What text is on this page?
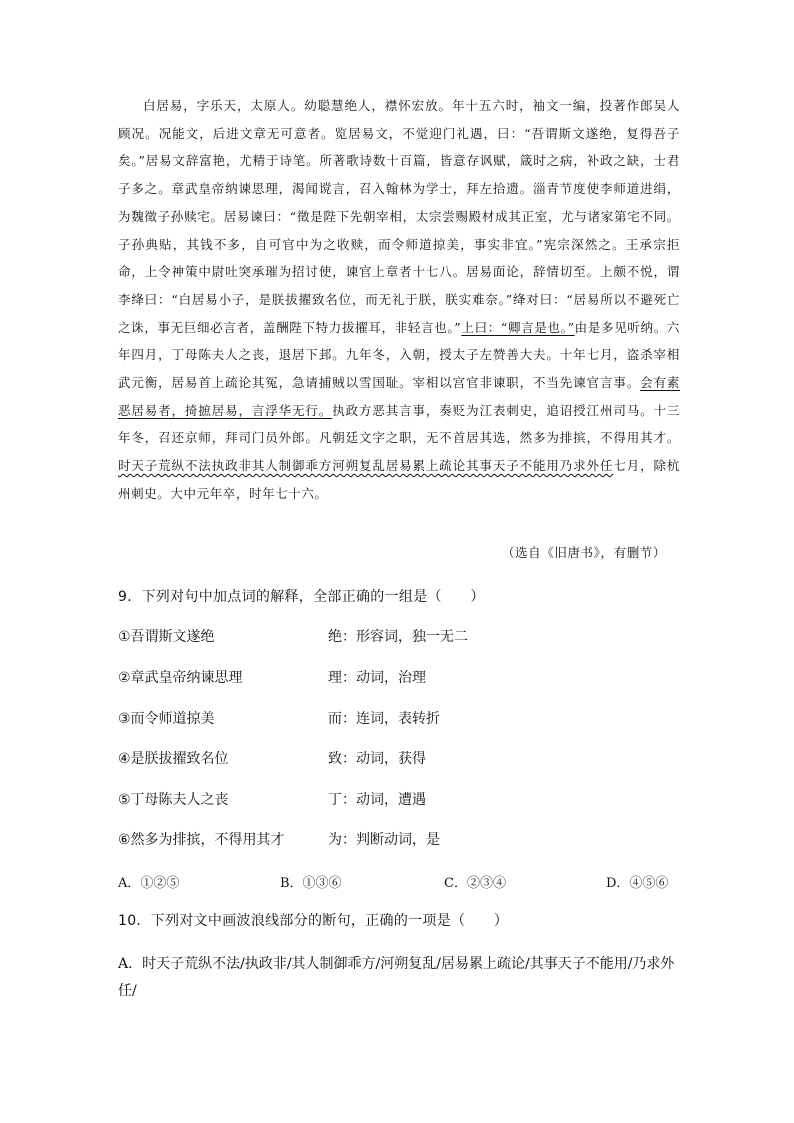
白居易，字乐天，太原人。幼聪慧绝人，襟怀宏放。年十五六时，袖文一编，投著作郎吴人顾况。况能文，后进文章无可意者。览居易文，不觉迎门礼遇，曰：“吾谓斯文遂绝，复得吾子矣。”居易文辞富艳，尤精于诗笔。所著歌诗数十百篇，皆意存讽赋，箴时之病，补政之缺，士君子多之。章武皇帝纳谏思理，渴闻谠言，召入翰林为学士，拜左拾遗。淄青节度使李师道进绢，为魏徵子孙赎宅。居易谏曰：“徵是陛下先朝宰相，太宗尝赐殿材成其正室，尤与诸家第宅不同。子孙典贴，其钱不多，自可官中为之收赎，而令师道掠美，事实非宜。”宪宗深然之。王承宗拒命，上令神策中尉吐突承璀为招讨使，谏官上章者十七八。居易面论，辞情切至。上颇不悦，谓李绛曰：“白居易小子，是朕拔擢致名位，而无礼于朕，朕实难奈。”绛对曰：“居易所以不避死亡之诛，事无巨细必言者，盖酬陛下特力拔擢耳，非轻言也。”上曰：“卿言是也。”由是多见听纳。六年四月，丁母陈夫人之丧，退居下邽。九年冬，入朝，授太子左赞善大夫。十年七月，盗杀宰相武元衡，居易首上疏论其冤，急请捕贼以雪国耻。宰相以宫官非谏职，不当先谏官言事。会有素恶居易者，掎摭居易，言浮华无行。执政方恶其言事，奏贬为江表刺史，追诏授江州司马。十三年冬，召还京师，拜司门员外郎。凡朝廷文字之职，无不首居其选，然多为排摈，不得用其才。时天子荒纵不法执政非其人制御乖方河朔复乱居易累上疏论其事天子不能用乃求外任七月，除杭州刺史。大中元年卒，时年七十六。

（选自《旧唐书》，有删节）
9．下列对句中加点词的解释，全部正确的一组是（　　）
①吾谓斯文遂绝	绝：形容词，独一无二
②章武皇帝纳谏思理	理：动词，治理
③而令师道掠美	而：连词，表转折
④是朕拔擢致名位	致：动词，获得
⑤丁母陈夫人之丧	丁：动词，遭遇
⑥然多为排摈，不得用其才	为：判断动词，是
A．①②⑤	B．①③⑥	C．②③④	D．④⑤⑥
10．下列对文中画波浪线部分的断句，正确的一项是（　　）
A．时天子荒纵不法/执政非/其人制御乖方/河朔复乱/居易累上疏论/其事天子不能用/乃求外任/
